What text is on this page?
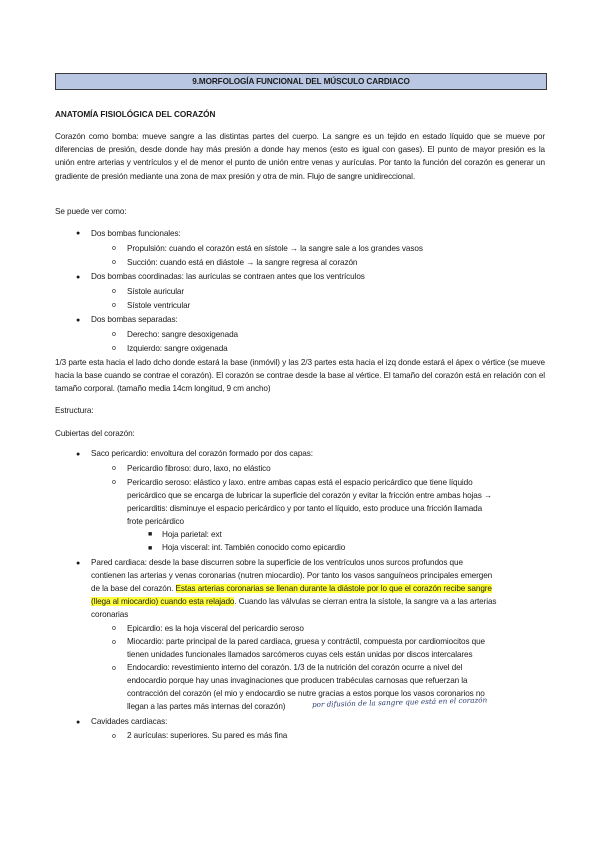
9.MORFOLOGÍA FUNCIONAL DEL MÚSCULO CARDIACO
ANATOMÍA FISIOLÓGICA DEL CORAZÓN
Corazón como bomba: mueve sangre a las distintas partes del cuerpo. La sangre es un tejido en estado líquido que se mueve por diferencias de presión, desde donde hay más presión a donde hay menos (esto es igual con gases). El punto de mayor presión es la unión entre arterias y ventrículos y el de menor el punto de unión entre venas y aurículas. Por tanto la función del corazón es generar un gradiente de presión mediante una zona de max presión y otra de min. Flujo de sangre unidireccional.
Se puede ver como:
● Dos bombas funcionales:
o Propulsión: cuando el corazón está en sístole → la sangre sale a los grandes vasos
o Succión: cuando está en diástole → la sangre regresa al corazón
● Dos bombas coordinadas: las aurículas se contraen antes que los ventrículos
o Sístole auricular
o Sístole ventricular
● Dos bombas separadas:
o Derecho: sangre desoxigenada
o Izquierdo: sangre oxigenada
1/3 parte esta hacia el lado dcho donde estará la base (inmóvil) y las 2/3 partes esta hacia el izq donde estará el ápex o vértice (se mueve hacia la base cuando se contrae el corazón). El corazón se contrae desde la base al vértice. El tamaño del corazón está en relación con el tamaño corporal. (tamaño media 14cm longitud, 9 cm ancho)
Estructura:
Cubiertas del corazón:
● Saco pericardio: envoltura del corazón formado por dos capas:
o Pericardio fibroso: duro, laxo, no elástico
o Pericardio seroso: elástico y laxo. entre ambas capas está el espacio pericárdico que tiene líquido
pericárdico que se encarga de lubricar la superficie del corazón y evitar la fricción entre ambas hojas →
pericarditis: disminuye el espacio pericárdico y por tanto el líquido, esto produce una fricción llamada
frote pericárdico
■ Hoja parietal: ext
■ Hoja visceral: int. También conocido como epicardio
● Pared cardiaca: desde la base discurren sobre la superficie de los ventrículos unos surcos profundos que
contienen las arterias y venas coronarias (nutren miocardio). Por tanto los vasos sanguíneos principales emergen
de la base del corazón. Estas arterias coronarias se llenan durante la diástole por lo que el corazón recibe sangre
(llega al miocardio) cuando esta relajado. Cuando las válvulas se cierran entra la sístole, la sangre va a las arterias
coronarias
o Epicardio: es la hoja visceral del pericardio seroso
o Miocardio: parte principal de la pared cardiaca, gruesa y contráctil, compuesta por cardiomiocitos que
tienen unidades funcionales llamados sarcómeros cuyas cels están unidas por discos intercalares
o Endocardio: revestimiento interno del corazón. 1/3 de la nutrición del corazón ocurre a nivel del
endocardio porque hay unas invaginaciones que producen trabéculas carnosas que refuerzan la
contracción del corazón (el mio y endocardio se nutre gracias a estos porque los vasos coronarios no
llegan a las partes más internas del corazón)	por difusión de la sangre que está en el corazón
● Cavidades cardiacas:
o 2 aurículas: superiores. Su pared es más fina
